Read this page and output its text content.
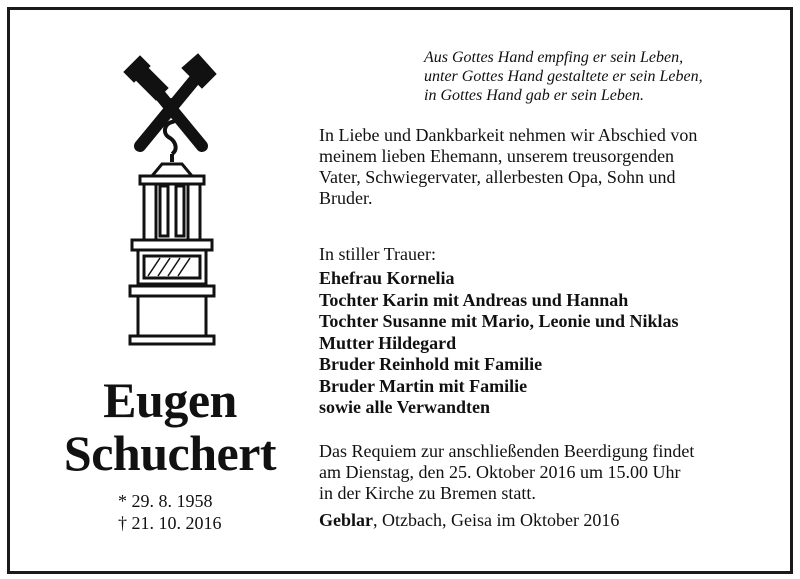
Eugen
Schuchert
* 29. 8. 1958
† 21. 10. 2016
Aus Gottes Hand empfing er sein Leben,
unter Gottes Hand gestaltete er sein Leben,
in Gottes Hand gab er sein Leben.
In Liebe und Dankbarkeit nehmen wir Abschied von
meinem lieben Ehemann, unserem treusorgenden
Vater, Schwiegervater, allerbesten Opa, Sohn und
Bruder.
In stiller Trauer:
Ehefrau Kornelia
Tochter Karin mit Andreas und Hannah
Tochter Susanne mit Mario, Leonie und Niklas
Mutter Hildegard
Bruder Reinhold mit Familie
Bruder Martin mit Familie
sowie alle Verwandten
Das Requiem zur anschließenden Beerdigung findet
am Dienstag, den 25. Oktober 2016 um 15.00 Uhr
in der Kirche zu Bremen statt.
Geblar, Otzbach, Geisa im Oktober 2016
